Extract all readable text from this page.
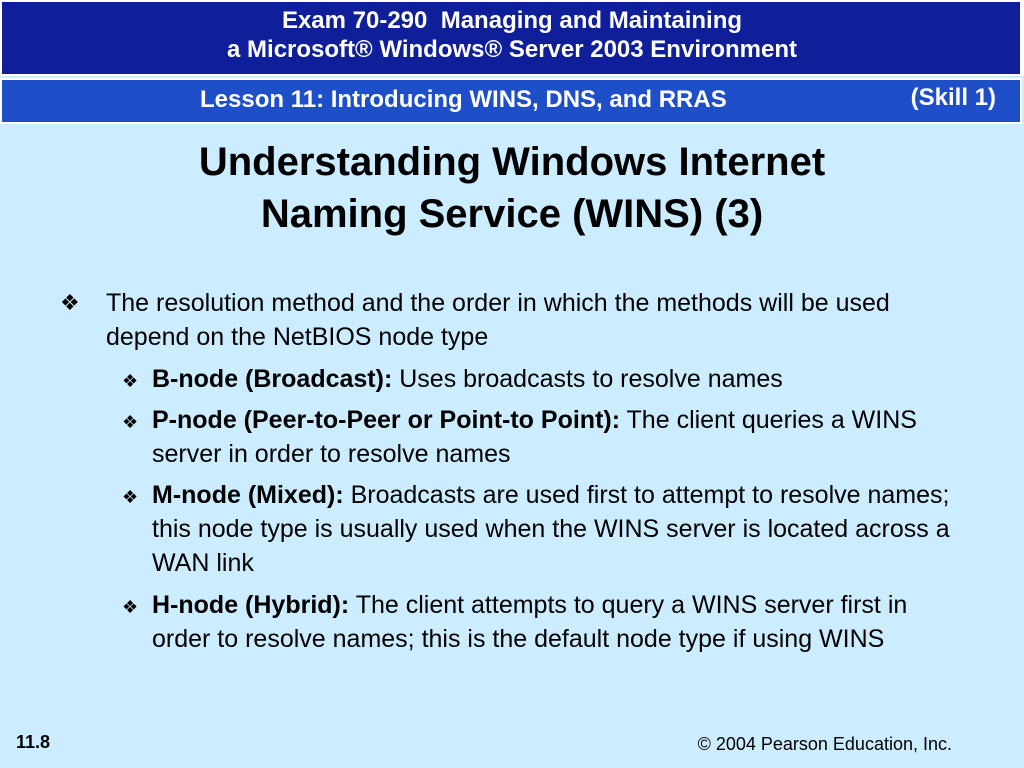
Exam 70-290  Managing and Maintaining
a Microsoft® Windows® Server 2003 Environment
Lesson 11: Introducing WINS, DNS, and RRAS	(Skill 1)
Understanding Windows Internet Naming Service (WINS) (3)
❖ The resolution method and the order in which the methods will be used depend on the NetBIOS node type
❖ B-node (Broadcast): Uses broadcasts to resolve names
❖ P-node (Peer-to-Peer or Point-to Point): The client queries a WINS server in order to resolve names
❖ M-node (Mixed): Broadcasts are used first to attempt to resolve names; this node type is usually used when the WINS server is located across a WAN link
❖ H-node (Hybrid): The client attempts to query a WINS server first in order to resolve names; this is the default node type if using WINS
11.8	© 2004 Pearson Education, Inc.
